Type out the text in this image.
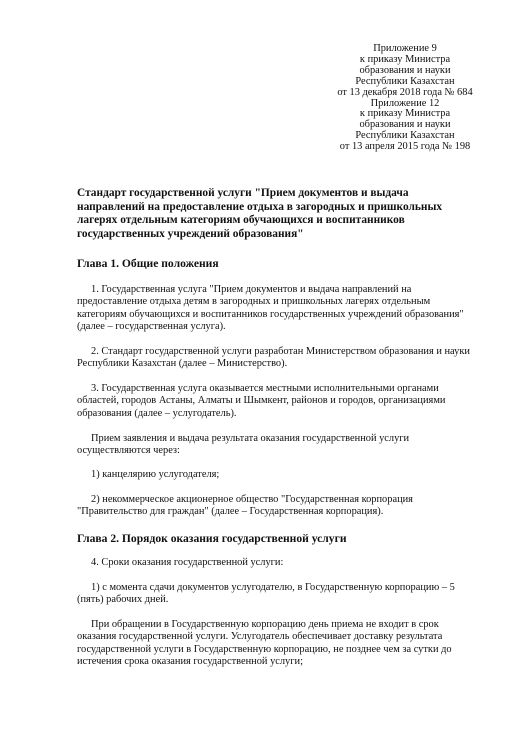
Приложение 9
к приказу Министра
образования и науки
Республики Казахстан
от 13 декабря 2018 года № 684
Приложение 12
к приказу Министра
образования и науки
Республики Казахстан
от 13 апреля 2015 года № 198
Стандарт государственной услуги "Прием документов и выдача
направлений на предоставление отдыха в загородных и пришкольных
лагерях отдельным категориям обучающихся и воспитанников
государственных учреждений образования"
Глава 1. Общие положения
1. Государственная услуга "Прием документов и выдача направлений на
предоставление отдыха детям в загородных и пришкольных лагерях отдельным
категориям обучающихся и воспитанников государственных учреждений образования"
(далее – государственная услуга).
2. Стандарт государственной услуги разработан Министерством образования и науки
Республики Казахстан (далее – Министерство).
3. Государственная услуга оказывается местными исполнительными органами
областей, городов Астаны, Алматы и Шымкент, районов и городов, организациями
образования (далее – услугодатель).
Прием заявления и выдача результата оказания государственной услуги
осуществляются через:
1) канцелярию услугодателя;
2) некоммерческое акционерное общество "Государственная корпорация
"Правительство для граждан" (далее – Государственная корпорация).
Глава 2. Порядок оказания государственной услуги
4. Сроки оказания государственной услуги:
1) с момента сдачи документов услугодателю, в Государственную корпорацию – 5
(пять) рабочих дней.
При обращении в Государственную корпорацию день приема не входит в срок
оказания государственной услуги. Услугодатель обеспечивает доставку результата
государственной услуги в Государственную корпорацию, не позднее чем за сутки до
истечения срока оказания государственной услуги;
